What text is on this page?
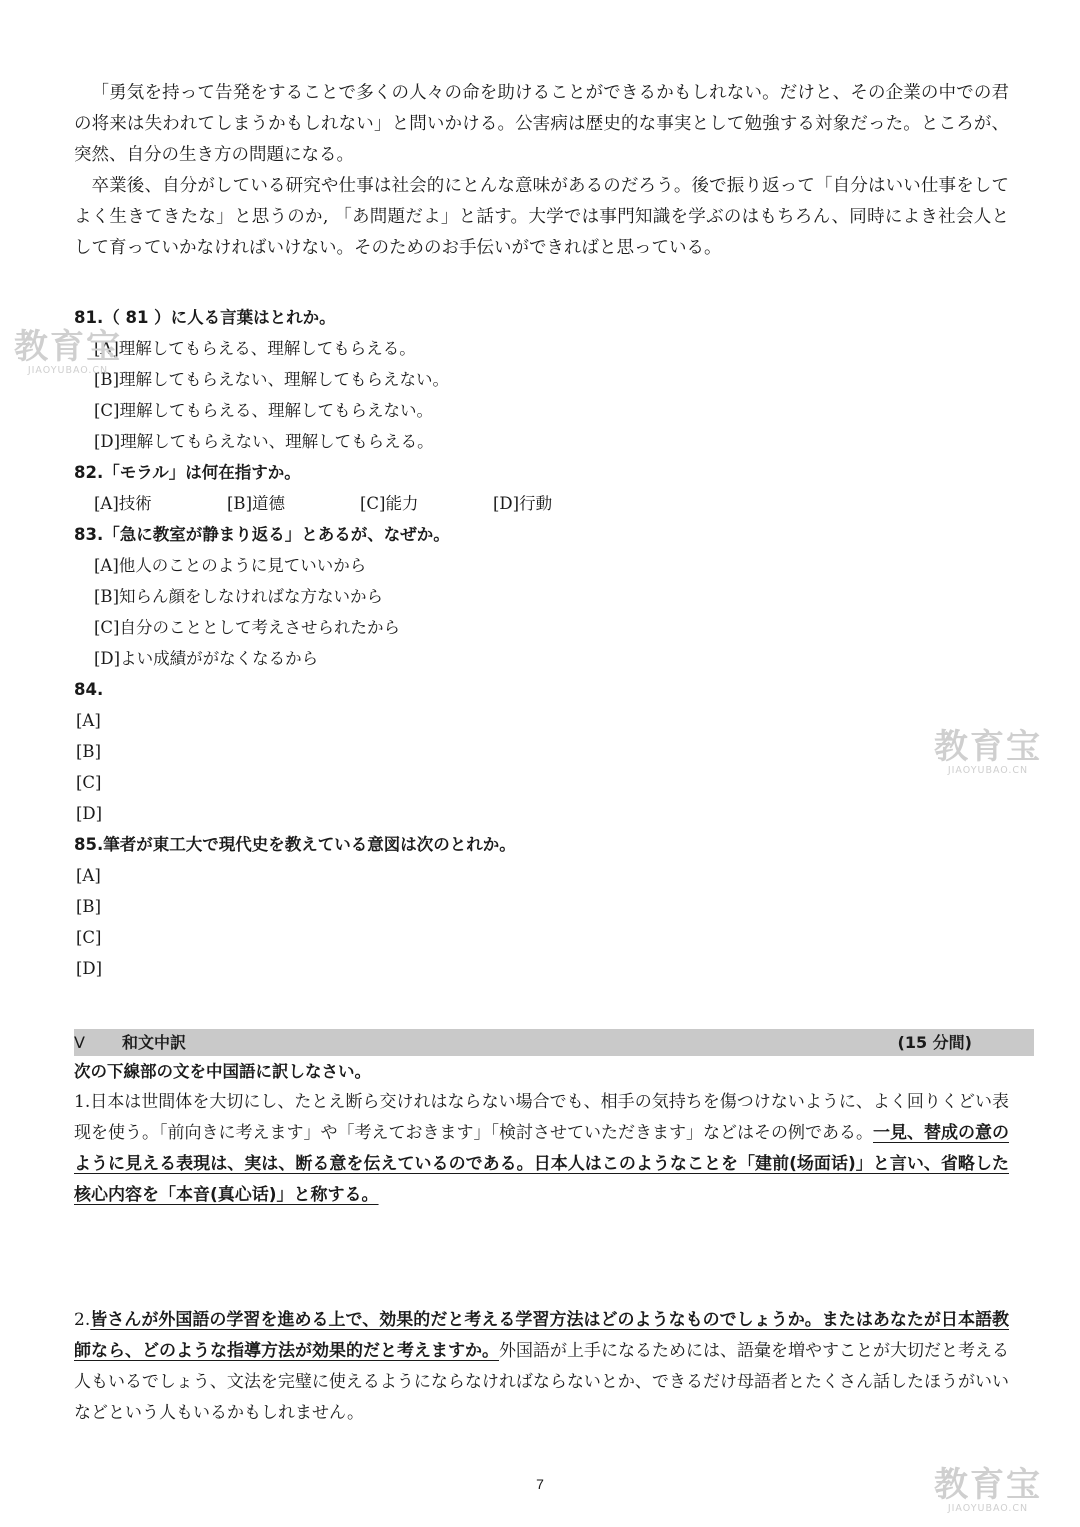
「勇気を持って告発をすることで多くの人々の命を助けることができるかもしれない。だけと、その企業の中での君の将来は失われてしまうかもしれない」と問いかける。公害病は歴史的な事実として勉強する対象だった。ところが、突然、自分の生き方の問題になる。

卒業後、自分がしている研究や仕事は社会的にとんな意味があるのだろう。後で振り返って「自分はいい仕事をしてよく生きてきたな」と思うのか, 「あ問題だよ」と話す。大学では事門知識を学ぶのはもちろん、同時によき社会人として育っていかなければいけない。そのためのお手伝いができればと思っている。

81.（ 81 ）に人る言葉はとれか。

[A]理解してもらえる、理解してもらえる。

[B]理解してもらえない、理解してもらえない。

[C]理解してもらえる、理解してもらえない。

[D]理解してもらえない、理解してもらえる。

82.「モラル」は何在指すか。

[A]技術	[B]道德	[C]能力	[D]行動

83.「急に教室が静まり返る」とあるが、なぜか。

[A]他人のことのように見ていいから

[B]知らん顔をしなければな方ないから

[C]自分のこととして考えさせられたから

[D]よい成績ががなくなるから

84.

[A]

[B]

[C]

[D]

85.筆者が東工大で現代史を教えている意図は次のとれか。

[A]

[B]

[C]

[D]

V 和文中訳	(15 分間)

次の下線部の文を中国語に訳しなさい。

1.日本は世間体を大切にし、たとえ断ら交けれはならない場合でも、相手の気持ちを傷つけないように、よく回りくどい表现を使う。「前向きに考えます」や「考えておきます」「検討させていただきます」などはその例である。一見、替成の意のように見える表現は、実は、断る意を伝えているのである。日本人はこのようなことを「建前(场面话)」と言い、省略した核心内容を「本音(真心话)」と称する。

2.皆さんが外国語の学習を進める上で、効果的だと考える学習方法はどのようなものでしょうか。またはあなたが日本語教師なら、どのような指導方法が効果的だと考えますか。外国語が上手になるためには、語彙を増やすことが大切だと考える人もいるでしょう、文法を完璧に使えるようにならなければならないとか、できるだけ母語者とたくさん話したほうがいいなどという人もいるかもしれません。

7
教育宝
JIAOYUBAO.CN
教育宝
JIAOYUBAO.CN
教育宝
JIAOYUBAO.CN
